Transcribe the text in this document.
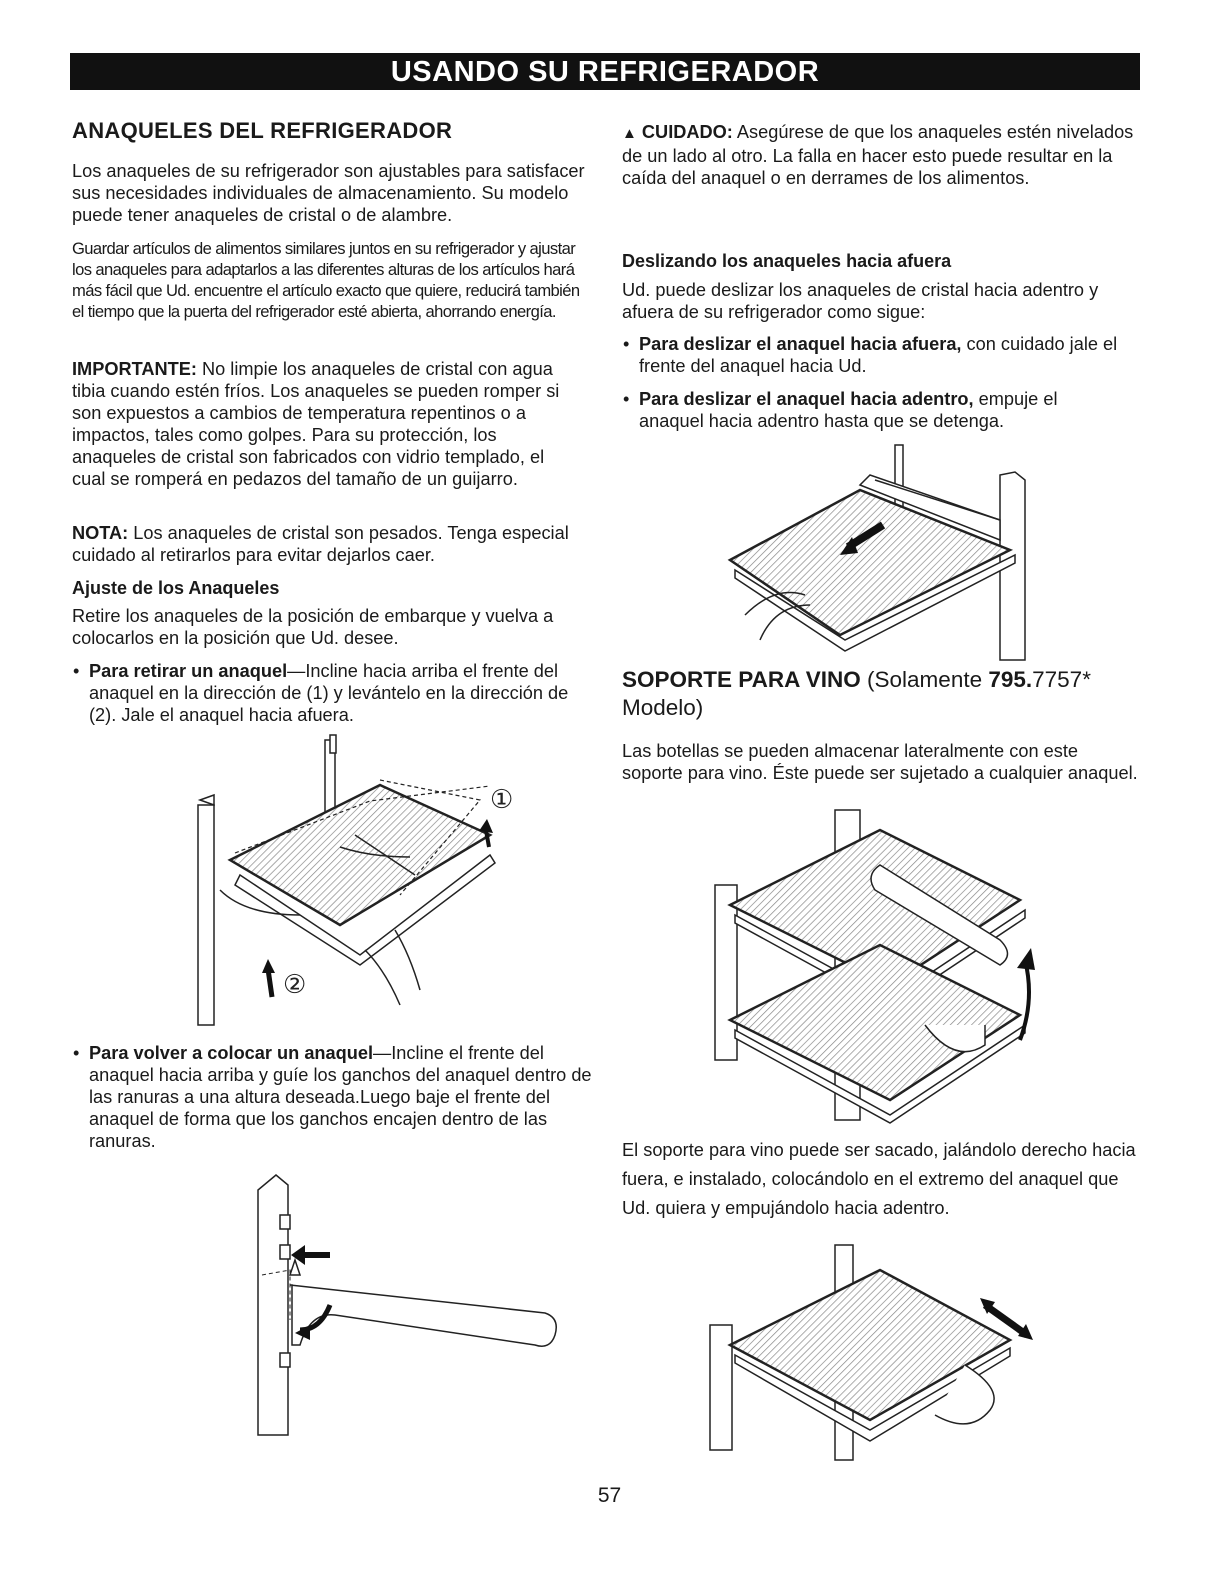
USANDO SU REFRIGERADOR
ANAQUELES DEL REFRIGERADOR

Los anaqueles de su refrigerador son ajustables para satisfacer sus necesidades individuales de almacenamiento. Su modelo puede tener anaqueles de cristal o de alambre.

Guardar artículos de alimentos similares juntos en su refrigerador y ajustar los anaqueles para adaptarlos a las diferentes alturas de los artículos hará más fácil que Ud. encuentre el artículo exacto que quiere, reducirá también el tiempo que la puerta del refrigerador esté abierta, ahorrando energía.

IMPORTANTE: No limpie los anaqueles de cristal con agua tibia cuando estén fríos. Los anaqueles se pueden romper si son expuestos a cambios de temperatura repentinos o a impactos, tales como golpes. Para su protección, los anaqueles de cristal son fabricados con vidrio templado, el cual se romperá en pedazos del tamaño de un guijarro.

NOTA: Los anaqueles de cristal son pesados. Tenga especial cuidado al retirarlos para evitar dejarlos caer.

Ajuste de los Anaqueles

Retire los anaqueles de la posición de embarque y vuelva a colocarlos en la posición que Ud. desee.

• Para retirar un anaquel—Incline hacia arriba el frente del anaquel en la dirección de (1) y levántelo en la dirección de (2). Jale el anaquel hacia afuera.
• Para volver a colocar un anaquel—Incline el frente del anaquel hacia arriba y guíe los ganchos del anaquel dentro de las ranuras a una altura deseada.Luego baje el frente del anaquel de forma que los ganchos encajen dentro de las ranuras.
①
②

▲ CUIDADO: Asegúrese de que los anaqueles estén nivelados de un lado al otro. La falla en hacer esto puede resultar en la caída del anaquel o en derrames de los alimentos.

Deslizando los anaqueles hacia afuera

Ud. puede deslizar los anaqueles de cristal hacia adentro y afuera de su refrigerador como sigue:

• Para deslizar el anaquel hacia afuera, con cuidado jale el frente del anaquel hacia Ud.
• Para deslizar el anaquel hacia adentro, empuje el anaquel hacia adentro hasta que se detenga.

SOPORTE PARA VINO (Solamente 795.7757* Modelo)

Las botellas se pueden almacenar lateralmente con este soporte para vino. Éste puede ser sujetado a cualquier anaquel.

El soporte para vino puede ser sacado, jalándolo derecho hacia fuera, e instalado, colocándolo en el extremo del anaquel que Ud. quiera y empujándolo hacia adentro.

57
